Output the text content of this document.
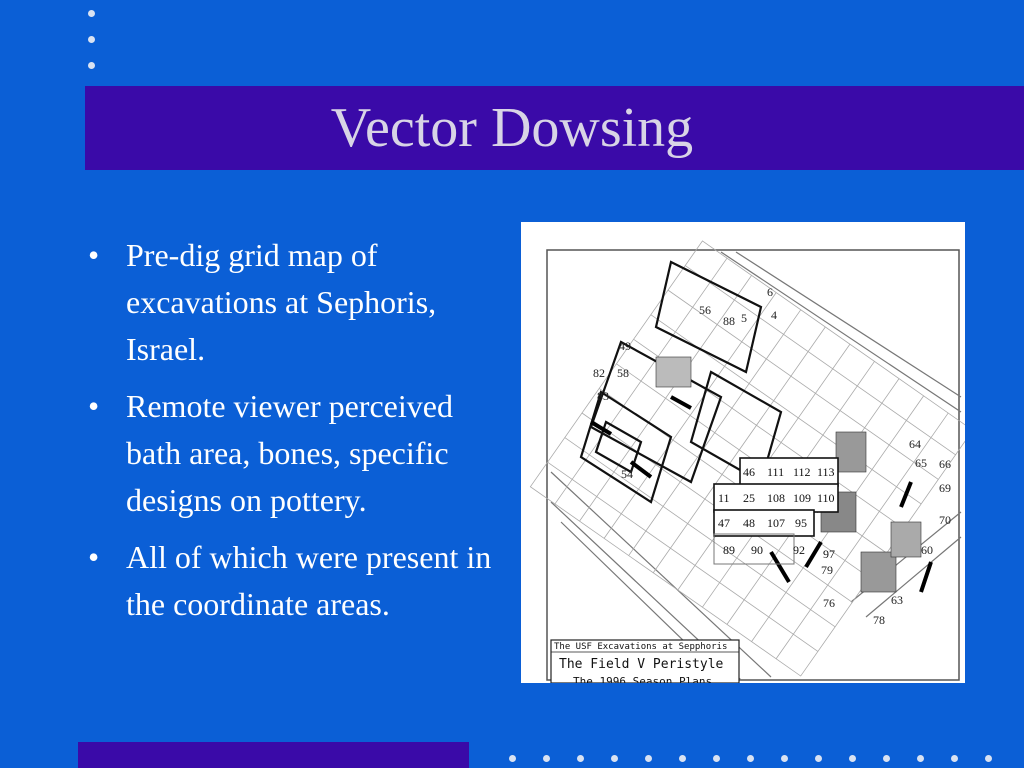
Vector Dowsing
• Pre-dig grid map of excavations at Sephoris, Israel.
• Remote viewer perceived bath area, bones, specific designs on pottery.
• All of which were present in the coordinate areas.
46 111 112 113
11 25 108 109 110
47 48 107 95
89 90	92 97
6
4
56
88 5
49
82 58
83
54
64
65 66
69
70
60
63
78
76
79
The USF Excavations at Sepphoris
The Field V Peristyle
The 1996 Season Plans
